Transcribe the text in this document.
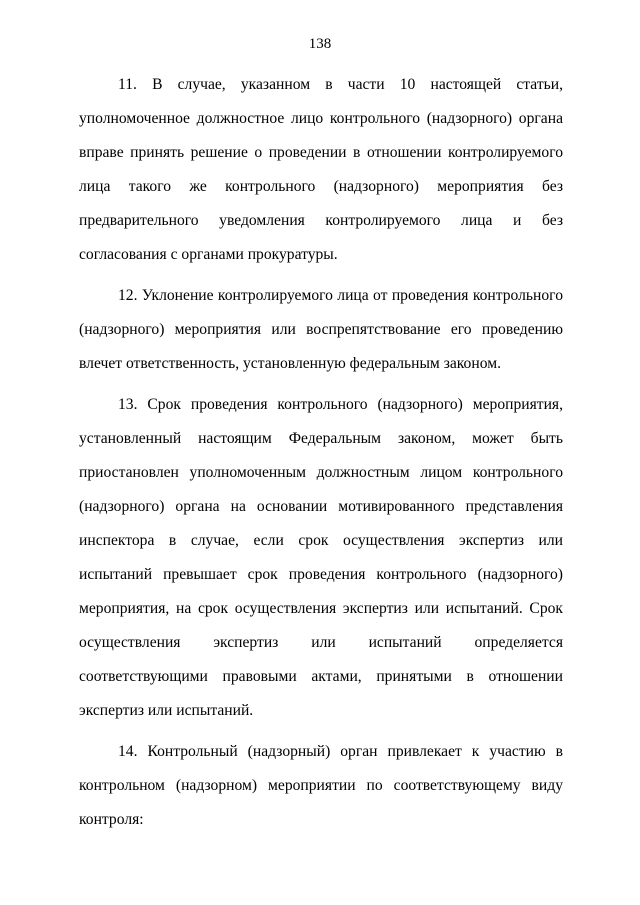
138

11. В случае, указанном в части 10 настоящей статьи, уполномоченное должностное лицо контрольного (надзорного) органа вправе принять решение о проведении в отношении контролируемого лица такого же контрольного (надзорного) мероприятия без предварительного уведомления контролируемого лица и без согласования с органами прокуратуры.

12. Уклонение контролируемого лица от проведения контрольного (надзорного) мероприятия или воспрепятствование его проведению влечет ответственность, установленную федеральным законом.

13. Срок проведения контрольного (надзорного) мероприятия, установленный настоящим Федеральным законом, может быть приостановлен уполномоченным должностным лицом контрольного (надзорного) органа на основании мотивированного представления инспектора в случае, если срок осуществления экспертиз или испытаний превышает срок проведения контрольного (надзорного) мероприятия, на срок осуществления экспертиз или испытаний. Срок осуществления экспертиз или испытаний определяется соответствующими правовыми актами, принятыми в отношении экспертиз или испытаний.

14. Контрольный (надзорный) орган привлекает к участию в контрольном (надзорном) мероприятии по соответствующему виду контроля:
